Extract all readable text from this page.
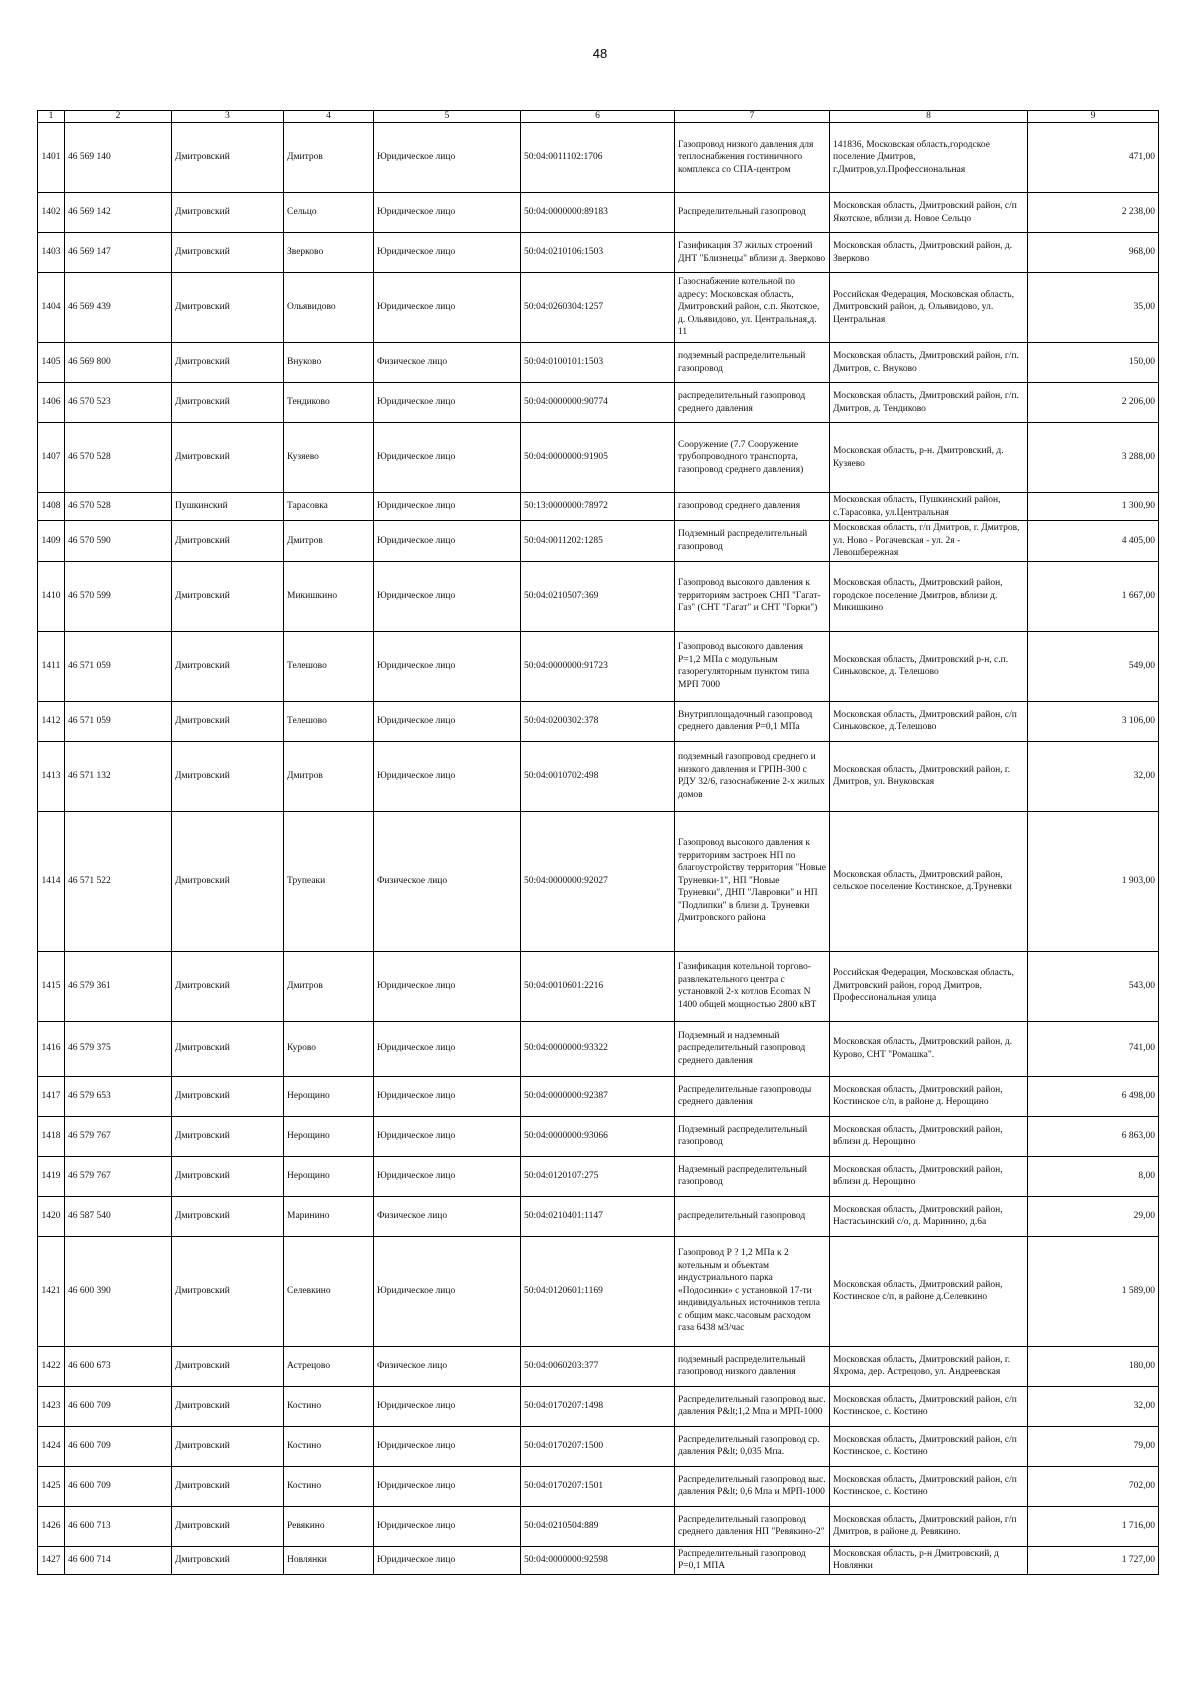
48
1	2	3	4	5	6	7	8	9
1401	46 569 140	Дмитровский	Дмитров	Юридическое лицо	50:04:0011102:1706	Газопровод низкого давления для теплоснабжения гостиничного комплекса со СПА-центром	141836, Московская область,городское поселение Дмитров, г.Дмитров,ул.Профессиональная	471,00
1402	46 569 142	Дмитровский	Сельцо	Юридическое лицо	50:04:0000000:89183	Распределительный газопровод	Московская область, Дмитровский район, с/п Якотское, вблизи д. Новое Сельцо	2 238,00
1403	46 569 147	Дмитровский	Зверково	Юридическое лицо	50:04:0210106:1503	Газификация 37 жилых строений ДНТ "Близнецы" вблизи д. Зверково	Московская область, Дмитровский район, д. Зверково	968,00
1404	46 569 439	Дмитровский	Ольявидово	Юридическое лицо	50:04:0260304:1257	Газоснабжение котельной по адресу: Московская область, Дмитровский район, с.п. Якотское, д. Ольявидово, ул. Центральная,д. 11	Российская Федерация, Московская область, Дмитровский район, д. Ольявидово, ул. Центральная	35,00
1405	46 569 800	Дмитровский	Внуково	Физическое лицо	50:04:0100101:1503	подземный распределительный газопровод	Московская область, Дмитровский район, г/п. Дмитров, с. Внуково	150,00
1406	46 570 523	Дмитровский	Тендиково	Юридическое лицо	50:04:0000000:90774	распределительный газопровод среднего давления	Московская область, Дмитровский район, г/п. Дмитров, д. Тендиково	2 206,00
1407	46 570 528	Дмитровский	Кузяево	Юридическое лицо	50:04:0000000:91905	Сооружение (7.7 Сооружение трубопроводного транспорта, газопровод среднего давления)	Московская область, р-н. Дмитровский, д. Кузяево	3 288,00
1408	46 570 528	Пушкинский	Тарасовка	Юридическое лицо	50:13:0000000:78972	газопровод среднего давления	Московская область, Пушкинский район, с.Тарасовка, ул.Центральная	1 300,90
1409	46 570 590	Дмитровский	Дмитров	Юридическое лицо	50:04:0011202:1285	Подземный распределительный газопровод	Московская область, г/п Дмитров, г. Дмитров, ул. Ново - Рогачевская - ул. 2я - Левошбережная	4 405,00
1410	46 570 599	Дмитровский	Микишкино	Юридическое лицо	50:04:0210507:369	Газопровод высокого давления к территориям застроек СНП "Гагат-Газ" (СНТ "Гагат" и СНТ "Горки")	Московская область, Дмитровский район, городское поселение Дмитров, вблизи д. Микишкино	1 667,00
1411	46 571 059	Дмитровский	Телешово	Юридическое лицо	50:04:0000000:91723	Газопровод высокого давления Р=1,2 МПа с модульным газорегуляторным пунктом типа МРП 7000	Московская область, Дмитровский р-н, с.п. Синьковское, д. Телешово	549,00
1412	46 571 059	Дмитровский	Телешово	Юридическое лицо	50:04:0200302:378	Внутриплощадочный газопровод среднего давления Р=0,1 МПа	Московская область, Дмитровский район, с/п Синьковское, д.Телешово	3 106,00
1413	46 571 132	Дмитровский	Дмитров	Юридическое лицо	50:04:0010702:498	подземный газопровод среднего и низкого давления и ГРПН-300 с РДУ 32/6, газоснабжение 2-х жилых домов	Московская область, Дмитровский район, г. Дмитров, ул. Внуковская	32,00
1414	46 571 522	Дмитровский	Трупеаки	Физическое лицо	50:04:0000000:92027	Газопровод высокого давления к территориям застроек НП по благоустройству территория "Новые Труневки-1", НП "Новые Труневки", ДНП "Лавровки" и НП "Подлипки" в близи д. Труневки Дмитровского района	Московская область, Дмитровский район, сельское поселение Костинское, д.Труневки	1 903,00
1415	46 579 361	Дмитровский	Дмитров	Юридическое лицо	50:04:0010601:2216	Газификация котельной торгово-развлекательного центра с установкой 2-х котлов Ecomax N 1400 общей мощностью 2800 кВТ	Российская Федерация, Московская область, Дмитровский район, город Дмитров, Профессиональная улица	543,00
1416	46 579 375	Дмитровский	Курово	Юридическое лицо	50:04:0000000:93322	Подземный и надземный распределительный газопровод среднего давления	Московская область, Дмитровский район, д. Курово, СНТ "Ромашка".	741,00
1417	46 579 653	Дмитровский	Нерощино	Юридическое лицо	50:04:0000000:92387	Распределительные газопроводы среднего давления	Московская область, Дмитровский район, Костинское с/п, в районе д. Нерощино	6 498,00
1418	46 579 767	Дмитровский	Нерощино	Юридическое лицо	50:04:0000000:93066	Подземный распределительный газопровод	Московская область, Дмитровский район, вблизи д. Нерощино	6 863,00
1419	46 579 767	Дмитровский	Нерощино	Юридическое лицо	50:04:0120107:275	Надземный распределительный газопровод	Московская область, Дмитровский район, вблизи д. Нерощино	8,00
1420	46 587 540	Дмитровский	Маринино	Физическое лицо	50:04:0210401:1147	распределительный газопровод	Московская область, Дмитровский район, Настасьинский с/о, д. Маринино, д.6а	29,00
1421	46 600 390	Дмитровский	Селевкино	Юридическое лицо	50:04:0120601:1169	Газопровод Р ? 1,2 МПа к 2 котельным и объектам индустриального парка «Подосинки» с установкой 17-ти индивидуальных источников тепла с общим макс.часовым расходом газа 6438 м3/час	Московская область, Дмитровский район, Костинское с/п, в районе д.Селевкино	1 589,00
1422	46 600 673	Дмитровский	Астрецово	Физическое лицо	50:04:0060203:377	подземный распределительный газопровод низкого давления	Московская область, Дмитровский район, г. Яхрома, дер. Астрецово, ул. Андреевская	180,00
1423	46 600 709	Дмитровский	Костино	Юридическое лицо	50:04:0170207:1498	Распределительный газопровод выс. давления P&lt;1,2 Мпа и МРП-1000	Московская область, Дмитровский район, с/п Костинское, с. Костино	32,00
1424	46 600 709	Дмитровский	Костино	Юридическое лицо	50:04:0170207:1500	Распределительный газопровод ср. давления P&lt; 0,035 Мпа.	Московская область, Дмитровский район, с/п Костинское, с. Костино	79,00
1425	46 600 709	Дмитровский	Костино	Юридическое лицо	50:04:0170207:1501	Распределительный газопровод выс. давления P&lt; 0,6 Мпа и МРП-1000	Московская область, Дмитровский район, с/п Костинское, с. Костино	702,00
1426	46 600 713	Дмитровский	Ревякино	Юридическое лицо	50:04:0210504:889	Распределительный газопровод среднего давления НП "Ревякино-2"	Московская область, Дмитровский район, г/п Дмитров, в районе д. Ревякино.	1 716,00
1427	46 600 714	Дмитровский	Новлянки	Юридическое лицо	50:04:0000000:92598	Распределительный газопровод Р=0,1 МПА	Московская область, р-н Дмитровский, д Новлянки	1 727,00
